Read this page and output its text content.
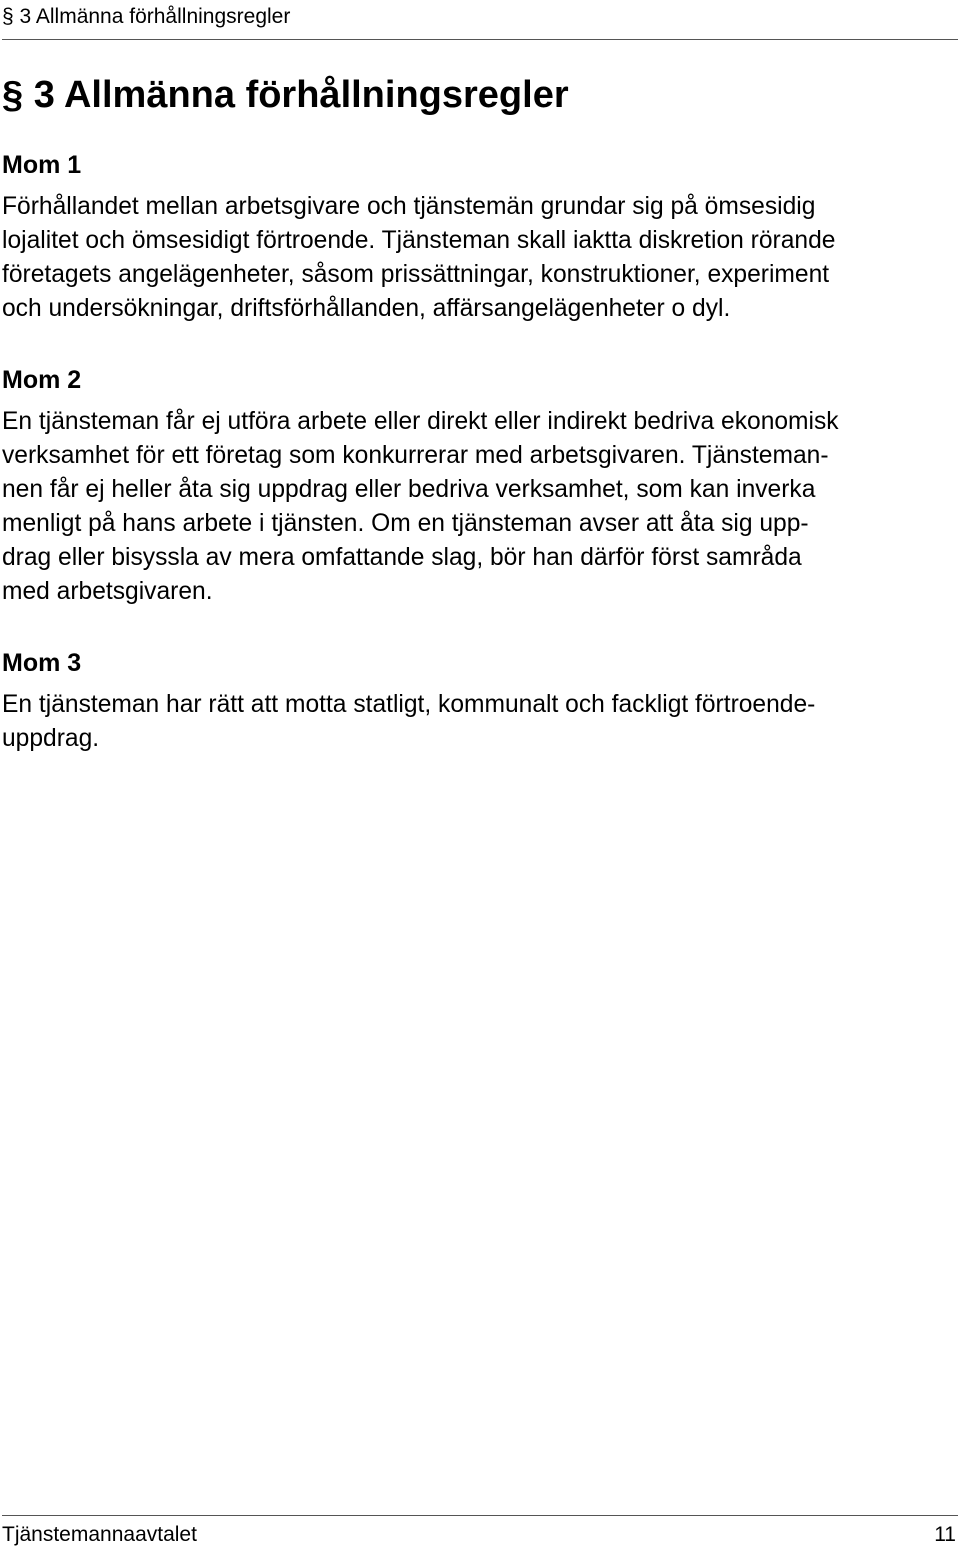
§ 3 Allmänna förhållningsregler
§ 3 Allmänna förhållningsregler
Mom 1

Förhållandet mellan arbetsgivare och tjänstemän grundar sig på ömsesidig
lojalitet och ömsesidigt förtroende. Tjänsteman skall iaktta diskretion rörande
företagets angelägenheter, såsom prissättningar, konstruktioner, experiment
och undersökningar, driftsförhållanden, affärsangelägenheter o dyl.

Mom 2

En tjänsteman får ej utföra arbete eller direkt eller indirekt bedriva ekonomisk
verksamhet för ett företag som konkurrerar med arbetsgivaren. Tjänsteman-
nen får ej heller åta sig uppdrag eller bedriva verksamhet, som kan inverka
menligt på hans arbete i tjänsten. Om en tjänsteman avser att åta sig upp-
drag eller bisyssla av mera omfattande slag, bör han därför först samråda
med arbetsgivaren.

Mom 3

En tjänsteman har rätt att motta statligt, kommunalt och fackligt förtroende-
uppdrag.

Tjänstemannaavtalet	11
